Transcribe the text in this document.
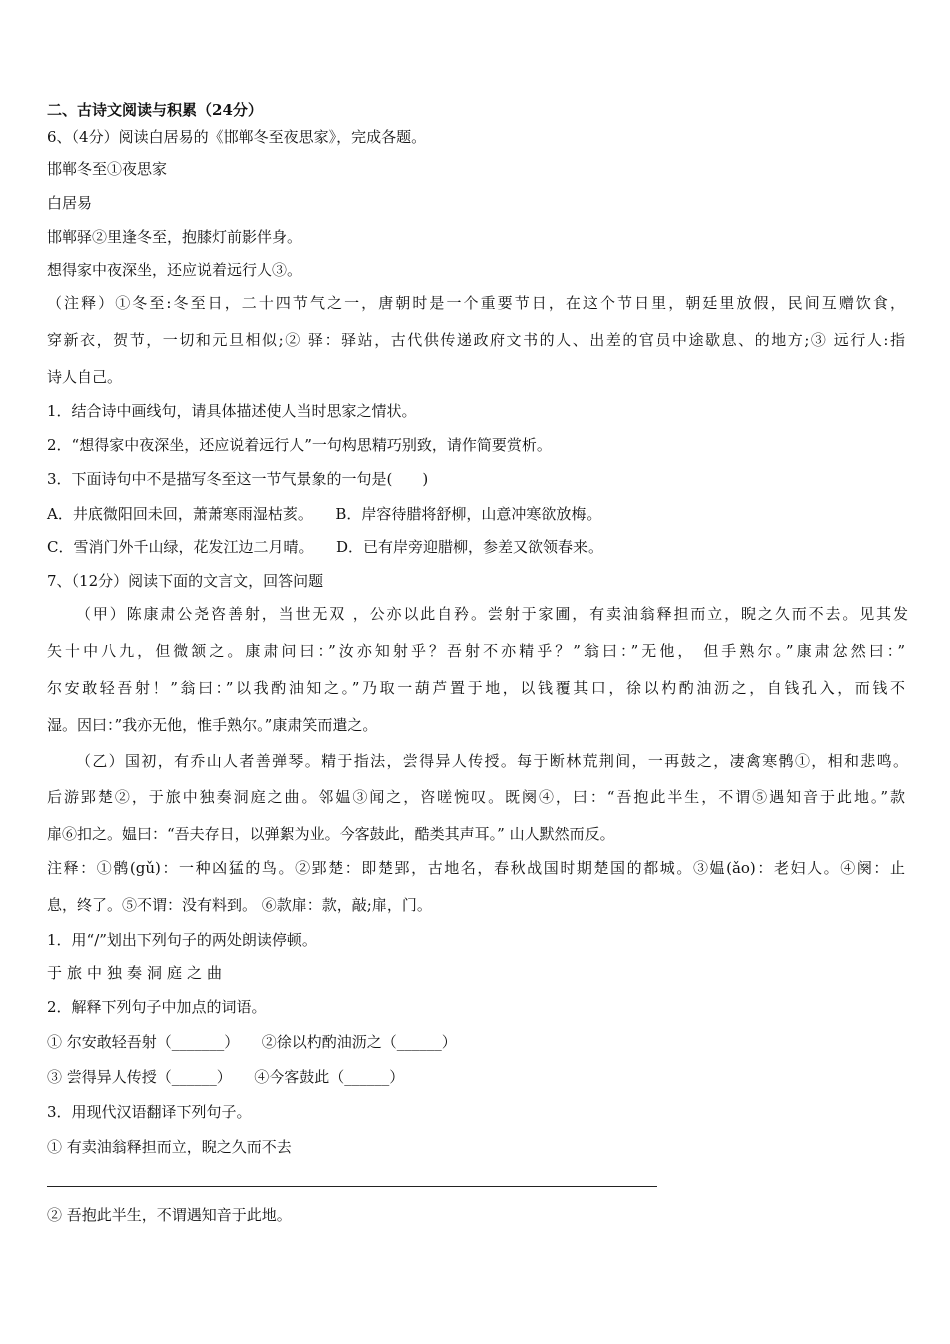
二、古诗文阅读与积累（24分）
6、（4分）阅读白居易的《邯郸冬至夜思家》，完成各题。
邯郸冬至①夜思家
白居易
邯郸驿②里逢冬至，抱膝灯前影伴身。
想得家中夜深坐，还应说着远行人③。
（注释）①冬至:冬至日，二十四节气之一，唐朝时是一个重要节日，在这个节日里，朝廷里放假，民间互赠饮食，
穿新衣，贺节，一切和元旦相似;② 驿：驿站，古代供传递政府文书的人、出差的官员中途歇息、的地方;③ 远行人:指
诗人自己。
1．结合诗中画线句，请具体描述使人当时思家之情状。
2．“想得家中夜深坐，还应说着远行人”一句构思精巧别致，请作简要赏析。
3．下面诗句中不是描写冬至这一节气景象的一句是(　　)
A．井底微阳回未回，萧萧寒雨湿枯荄。　　B．岸容待腊将舒柳，山意冲寒欲放梅。
C．雪消门外千山绿，花发江边二月晴。　　D．已有岸旁迎腊柳，参差又欲领春来。
7、（12分）阅读下面的文言文，回答问题
（甲）陈康肃公尧咨善射，当世无双 ，公亦以此自矜。尝射于家圃，有卖油翁释担而立，睨之久而不去。见其发
矢十中八九，但微颔之。康肃问曰：”汝亦知射乎？吾射不亦精乎？”翁曰：”无他， 但手熟尔。”康肃忿然曰：”
尔安敢轻吾射！”翁曰：”以我酌油知之。”乃取一葫芦置于地，以钱覆其口，徐以杓酌油沥之，自钱孔入，而钱不
湿。因曰：”我亦无他，惟手熟尔。”康肃笑而遣之。
（乙）国初，有乔山人者善弹琴。精于指法，尝得异人传授。每于断林荒荆间，一再鼓之，凄禽寒鹘①，相和悲鸣。
后游郢楚②，于旅中独奏洞庭之曲。邻媪③闻之，咨嗟惋叹。既阕④，曰：“吾抱此半生，不谓⑤遇知音于此地。”款
扉⑥扣之。媪曰：“吾夫存日，以弹絮为业。今客鼓此，酷类其声耳。” 山人默然而反。
注释：①鹘(gǔ)：一种凶猛的鸟。②郢楚：即楚郢，古地名，春秋战国时期楚国的都城。③媪(ǎo)：老妇人。④阕：止
息，终了。⑤不谓：没有料到。 ⑥款扉：款，敲;扉，门。
1．用“/”划出下列句子的两处朗读停顿。
于旅中独奏洞庭之曲
2．解释下列句子中加点的词语。
① 尔安敢轻吾射（_______）　　②徐以杓酌油沥之（______）
③ 尝得异人传授（______）　　④今客鼓此（______）
3．用现代汉语翻译下列句子。
① 有卖油翁释担而立，睨之久而不去
② 吾抱此半生，不谓遇知音于此地。
